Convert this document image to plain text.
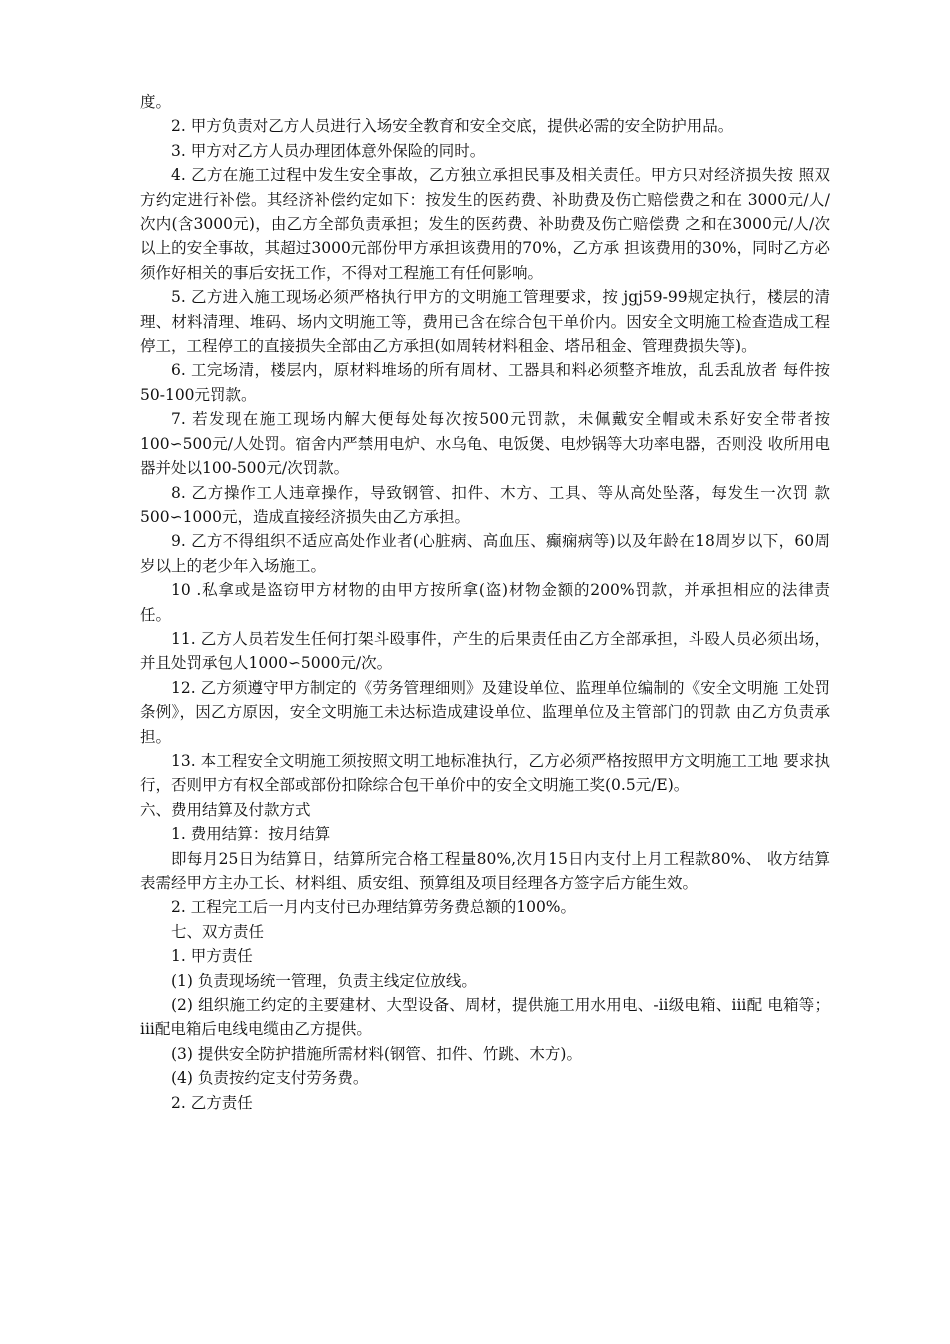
度。

2. 甲方负责对乙方人员进行入场安全教育和安全交底，提供必需的安全防护用品。

3. 甲方对乙方人员办理团体意外保险的同时。

4. 乙方在施工过程中发生安全事故，乙方独立承担民事及相关责任。甲方只对经济损失按 照双方约定进行补偿。其经济补偿约定如下：按发生的医药费、补助费及伤亡赔偿费之和在 3000元/人/次内(含3000元)，由乙方全部负责承担；发生的医药费、补助费及伤亡赔偿费 之和在3000元/人/次以上的安全事故，其超过3000元部份甲方承担该费用的70%，乙方承 担该费用的30%，同时乙方必须作好相关的事后安抚工作，不得对工程施工有任何影响。

5. 乙方进入施工现场必须严格执行甲方的文明施工管理要求，按 jgj59-99规定执行，楼层的清理、材料清理、堆码、场内文明施工等，费用已含在综合包干单价内。因安全文明施工检查造成工程停工，工程停工的直接损失全部由乙方承担(如周转材料租金、塔吊租金、管理费损失等)。

6. 工完场清，楼层内，原材料堆场的所有周材、工器具和料必须整齐堆放，乱丢乱放者 每件按50-100元罚款。

7. 若发现在施工现场内解大便每处每次按500元罚款，未佩戴安全帽或未系好安全带者按 100∽500元/人处罚。宿舍内严禁用电炉、水乌龟、电饭煲、电炒锅等大功率电器，否则没 收所用电器并处以100-500元/次罚款。

8. 乙方操作工人违章操作，导致钢管、扣件、木方、工具、等从高处坠落，每发生一次罚 款500∽1000元，造成直接经济损失由乙方承担。

9. 乙方不得组织不适应高处作业者(心脏病、高血压、癫痫病等)以及年龄在18周岁以下，60周岁以上的老少年入场施工。

10 .私拿或是盗窃甲方材物的由甲方按所拿(盗)材物金额的200%罚款，并承担相应的法律责任。

11. 乙方人员若发生任何打架斗殴事件，产生的后果责任由乙方全部承担，斗殴人员必须出场，并且处罚承包人1000∽5000元/次。

12. 乙方须遵守甲方制定的《劳务管理细则》及建设单位、监理单位编制的《安全文明施 工处罚条例》，因乙方原因，安全文明施工未达标造成建设单位、监理单位及主管部门的罚款 由乙方负责承担。

13. 本工程安全文明施工须按照文明工地标准执行，乙方必须严格按照甲方文明施工工地 要求执行，否则甲方有权全部或部份扣除综合包干单价中的安全文明施工奖(0.5元/E)。

六、费用结算及付款方式

1. 费用结算：按月结算

即每月25日为结算日，结算所完合格工程量80%,次月15日内支付上月工程款80%、 收方结算表需经甲方主办工长、材料组、质安组、预算组及项目经理各方签字后方能生效。

2. 工程完工后一月内支付已办理结算劳务费总额的100%。

七、双方责任

1. 甲方责任

(1) 负责现场统一管理，负责主线定位放线。

(2) 组织施工约定的主要建材、大型设备、周材，提供施工用水用电、-ii级电箱、iii配 电箱等；iii配电箱后电线电缆由乙方提供。

(3) 提供安全防护措施所需材料(钢管、扣件、竹跳、木方)。

(4) 负责按约定支付劳务费。

2. 乙方责任
